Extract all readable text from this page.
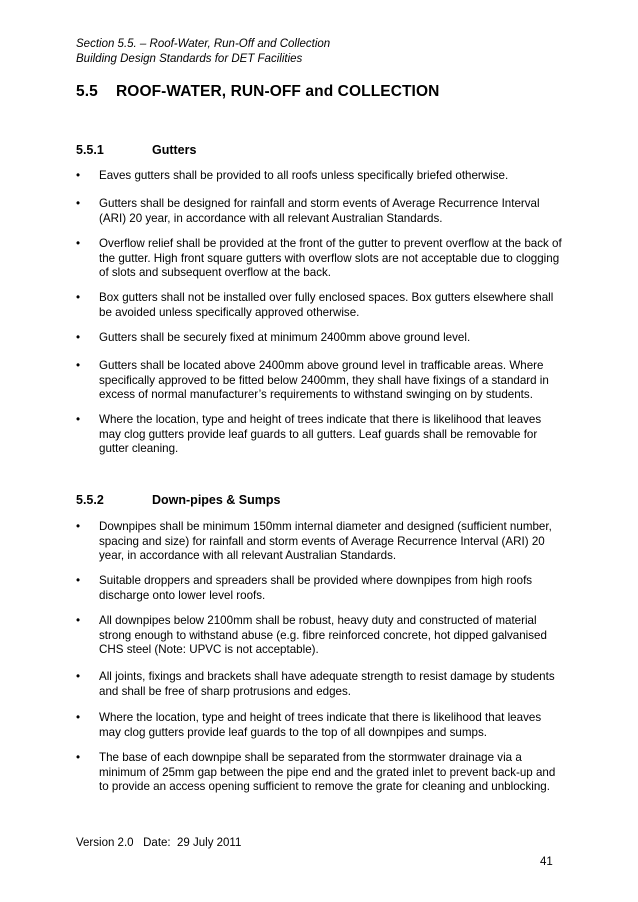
Section 5.5. – Roof-Water, Run-Off and Collection
Building Design Standards for DET Facilities
5.5 ROOF-WATER, RUN-OFF and COLLECTION
5.5.1	Gutters
• Eaves gutters shall be provided to all roofs unless specifically briefed otherwise.
• Gutters shall be designed for rainfall and storm events of Average Recurrence Interval (ARI) 20 year, in accordance with all relevant Australian Standards.
• Overflow relief shall be provided at the front of the gutter to prevent overflow at the back of the gutter. High front square gutters with overflow slots are not acceptable due to clogging of slots and subsequent overflow at the back.
• Box gutters shall not be installed over fully enclosed spaces. Box gutters elsewhere shall be avoided unless specifically approved otherwise.
• Gutters shall be securely fixed at minimum 2400mm above ground level.
• Gutters shall be located above 2400mm above ground level in trafficable areas. Where specifically approved to be fitted below 2400mm, they shall have fixings of a standard in excess of normal manufacturer’s requirements to withstand swinging on by students.
• Where the location, type and height of trees indicate that there is likelihood that leaves may clog gutters provide leaf guards to all gutters. Leaf guards shall be removable for gutter cleaning.
5.5.2	Down-pipes & Sumps
• Downpipes shall be minimum 150mm internal diameter and designed (sufficient number, spacing and size) for rainfall and storm events of Average Recurrence Interval (ARI) 20 year, in accordance with all relevant Australian Standards.
• Suitable droppers and spreaders shall be provided where downpipes from high roofs discharge onto lower level roofs.
• All downpipes below 2100mm shall be robust, heavy duty and constructed of material strong enough to withstand abuse (e.g. fibre reinforced concrete, hot dipped galvanised CHS steel (Note: UPVC is not acceptable).
• All joints, fixings and brackets shall have adequate strength to resist damage by students and shall be free of sharp protrusions and edges.
• Where the location, type and height of trees indicate that there is likelihood that leaves may clog gutters provide leaf guards to the top of all downpipes and sumps.
• The base of each downpipe shall be separated from the stormwater drainage via a minimum of 25mm gap between the pipe end and the grated inlet to prevent back-up and to provide an access opening sufficient to remove the grate for cleaning and unblocking.
Version 2.0   Date:  29 July 2011
41
